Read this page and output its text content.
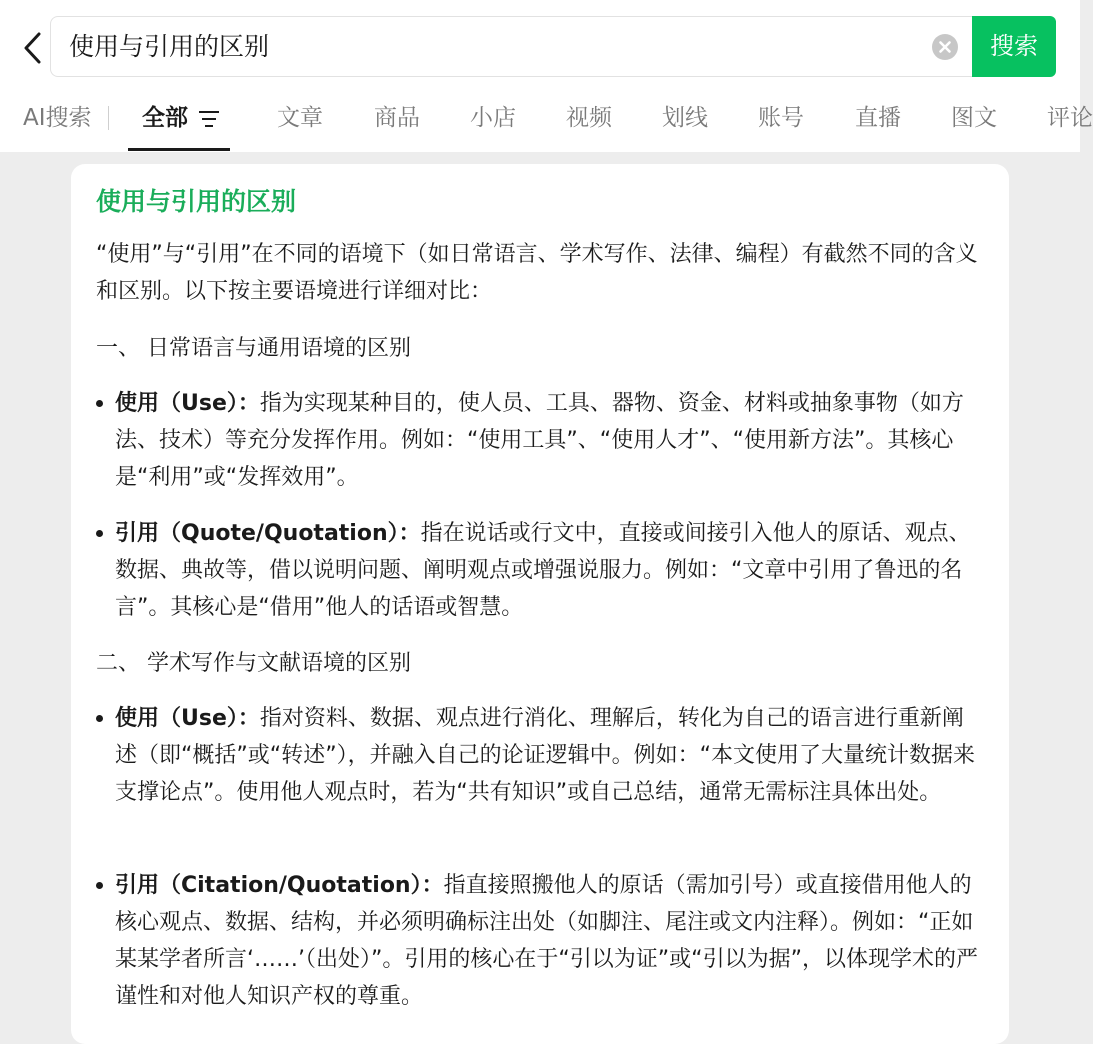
使用与引用的区别	搜索
AI搜索 全部	文章 商品 小店 视频 划线 账号 直播 图文 评论
使用与引用的区别

“使用”与“引用”在不同的语境下（如日常语言、学术写作、法律、编程）有截然不同的含义和区别。以下按主要语境进行详细对比：

一、 日常语言与通用语境的区别
使用（Use）：指为实现某种目的，使人员、工具、器物、资金、材料或抽象事物（如方法、技术）等充分发挥作用。例如：“使用工具”、“使用人才”、“使用新方法”。其核心是“利用”或“发挥效用”。
引用（Quote/Quotation）：指在说话或行文中，直接或间接引入他人的原话、观点、数据、典故等，借以说明问题、阐明观点或增强说服力。例如：“文章中引用了鲁迅的名言”。其核心是“借用”他人的话语或智慧。
二、 学术写作与文献语境的区别
使用（Use）：指对资料、数据、观点进行消化、理解后，转化为自己的语言进行重新阐述（即“概括”或“转述”），并融入自己的论证逻辑中。例如：“本文使用了大量统计数据来支撑论点”。使用他人观点时，若为“共有知识”或自己总结，通常无需标注具体出处。
引用（Citation/Quotation）：指直接照搬他人的原话（需加引号）或直接借用他人的核心观点、数据、结构，并必须明确标注出处（如脚注、尾注或文内注释）。例如：“正如某某学者所言‘……’（出处）”。引用的核心在于“引以为证”或“引以为据”，以体现学术的严谨性和对他人知识产权的尊重。
